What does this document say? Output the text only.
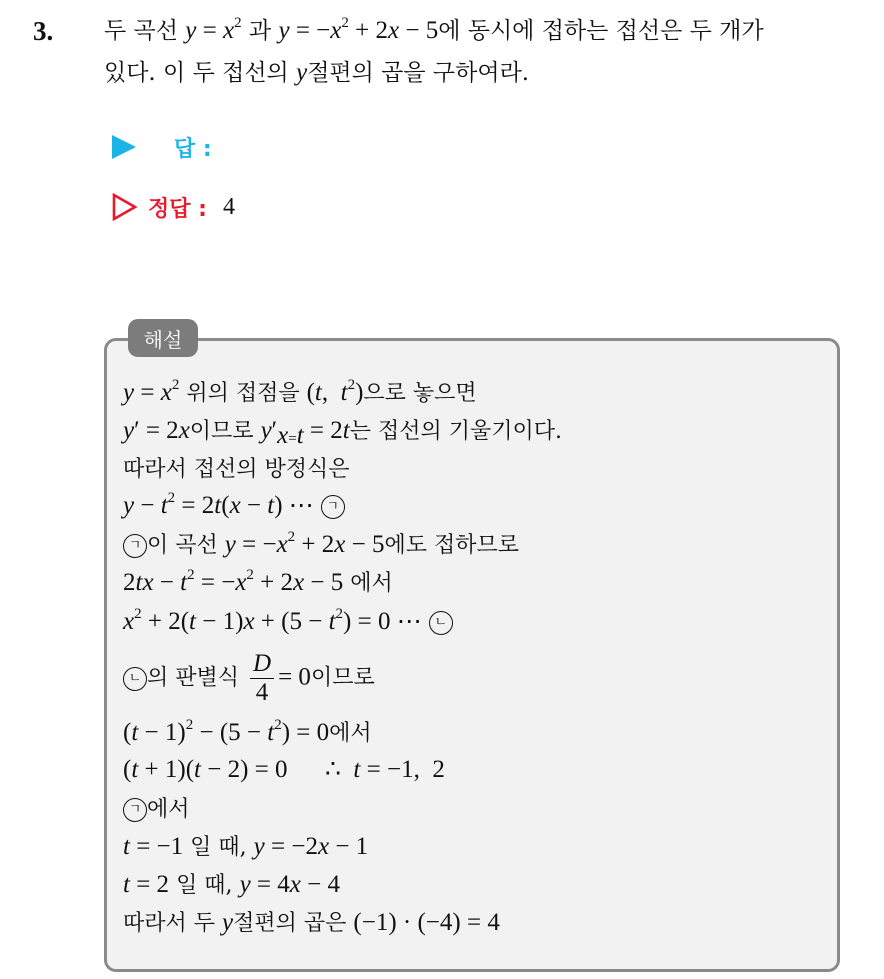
3. 두 곡선 $y = x^2$ 과 $y = -x^2 + 2x - 5$에 동시에 접하는 접선은 두 개가
있다. 이 두 접선의 y절편의 곱을 구하여라.
답 :
정답 : 4
해설
$y = x^2$ 위의 접점을 (t,  $t^2$)으로 놓으면
y′ = 2x이므로 $y'_{x=t} = 2t$는 접선의 기울기이다.
따라서 접선의 방정식은
$y - t^2 = 2t(x - t)$ ⋯ ㄱ
ㄱ 이 곡선 $y = -x^2 + 2x - 5$에도 접하므로
$2tx - t^2 = -x^2 + 2x - 5$ 에서
$x^2 + 2(t - 1)x + (5 - t^2) = 0$ ⋯ ㄴ
ㄴ 의 판별식 $\frac{D}{4} = 0$이므로
$(t - 1)^2 - (5 - t^2) = 0$에서
(t + 1)(t − 2) = 0      ∴  t = −1,  2
ㄱ 에서
t = −1 일 때, y = −2x − 1
t = 2 일 때, y = 4x − 4
따라서 두 y절편의 곱은 (−1) · (−4) = 4
